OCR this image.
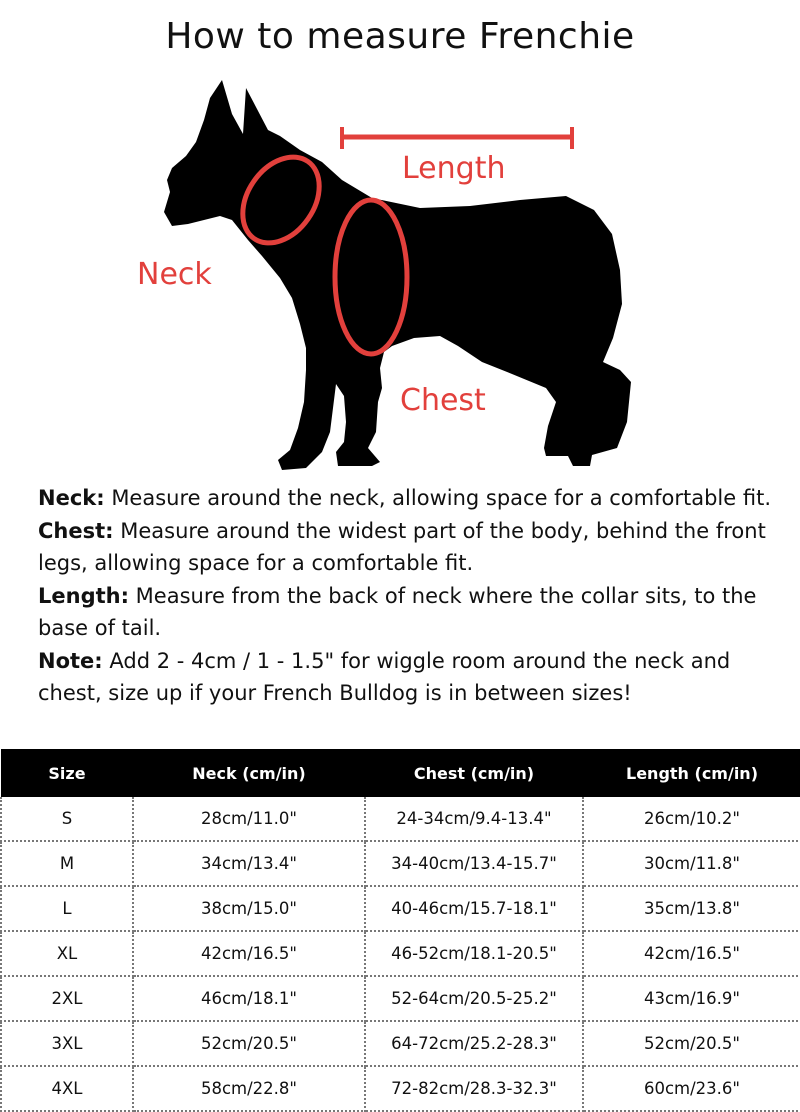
How to measure Frenchie
Length
Neck
Chest

Neck: Measure around the neck, allowing space for a comfortable fit.

Chest: Measure around the widest part of the body, behind the front legs, allowing space for a comfortable fit.

Length: Measure from the back of neck where the collar sits, to the base of tail.

Note: Add 2 - 4cm / 1 - 1.5" for wiggle room around the neck and chest, size up if your French Bulldog is in between sizes!

Size	Neck (cm/in)	Chest (cm/in)	Length (cm/in)
S	28cm/11.0"	24-34cm/9.4-13.4"	26cm/10.2"
M	34cm/13.4"	34-40cm/13.4-15.7"	30cm/11.8"
L	38cm/15.0"	40-46cm/15.7-18.1"	35cm/13.8"
XL	42cm/16.5"	46-52cm/18.1-20.5"	42cm/16.5"
2XL	46cm/18.1"	52-64cm/20.5-25.2"	43cm/16.9"
3XL	52cm/20.5"	64-72cm/25.2-28.3"	52cm/20.5"
4XL	58cm/22.8"	72-82cm/28.3-32.3"	60cm/23.6"
